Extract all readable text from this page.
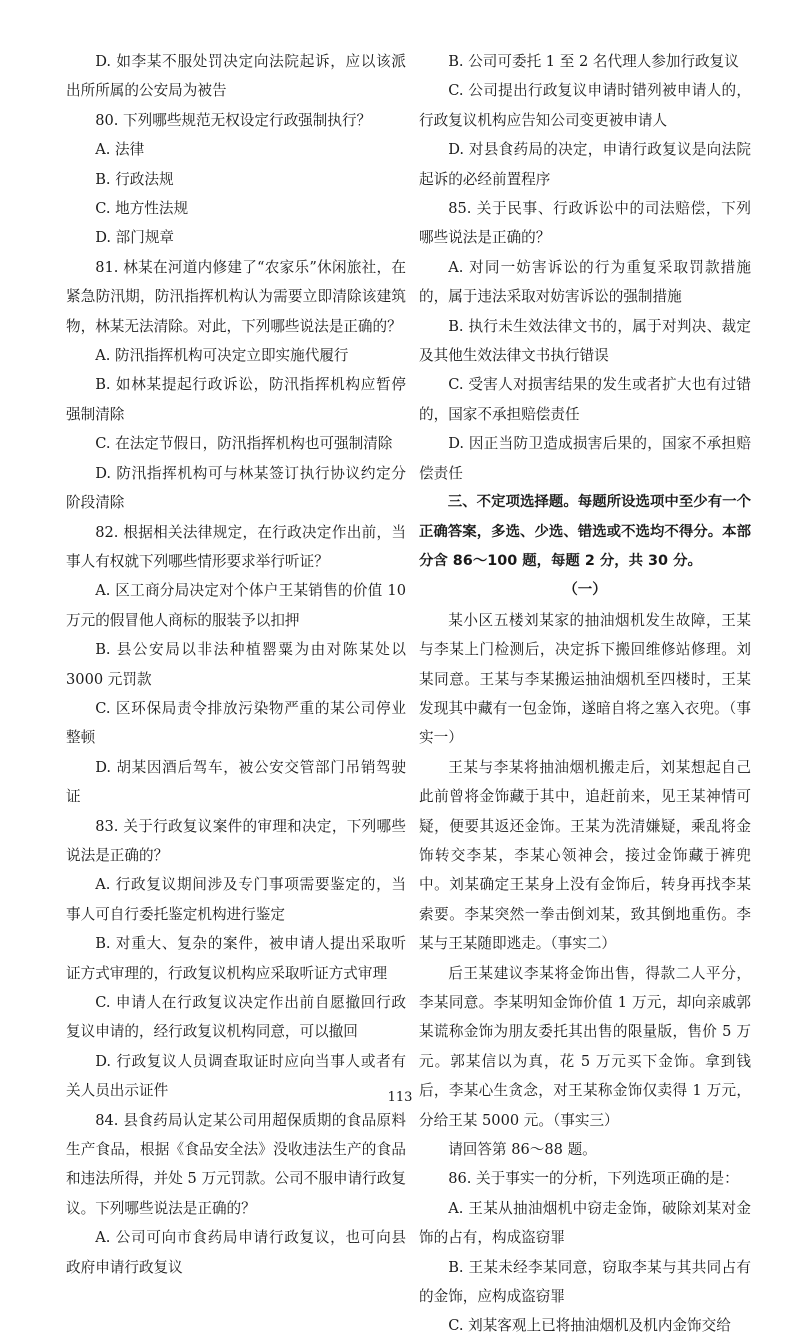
D. 如李某不服处罚决定向法院起诉，应以该派出所所属的公安局为被告

80. 下列哪些规范无权设定行政强制执行？

A. 法律

B. 行政法规

C. 地方性法规

D. 部门规章

81. 林某在河道内修建了“农家乐”休闲旅社，在紧急防汛期，防汛指挥机构认为需要立即清除该建筑物，林某无法清除。对此，下列哪些说法是正确的？

A. 防汛指挥机构可决定立即实施代履行

B. 如林某提起行政诉讼，防汛指挥机构应暂停强制清除

C. 在法定节假日，防汛指挥机构也可强制清除

D. 防汛指挥机构可与林某签订执行协议约定分阶段清除

82. 根据相关法律规定，在行政决定作出前，当事人有权就下列哪些情形要求举行听证？

A. 区工商分局决定对个体户王某销售的价值 10 万元的假冒他人商标的服装予以扣押

B. 县公安局以非法种植罂粟为由对陈某处以 3000 元罚款

C. 区环保局责令排放污染物严重的某公司停业整顿

D. 胡某因酒后驾车，被公安交管部门吊销驾驶证

83. 关于行政复议案件的审理和决定，下列哪些说法是正确的？

A. 行政复议期间涉及专门事项需要鉴定的，当事人可自行委托鉴定机构进行鉴定

B. 对重大、复杂的案件，被申请人提出采取听证方式审理的，行政复议机构应采取听证方式审理

C. 申请人在行政复议决定作出前自愿撤回行政复议申请的，经行政复议机构同意，可以撤回

D. 行政复议人员调查取证时应向当事人或者有关人员出示证件

84. 县食药局认定某公司用超保质期的食品原料生产食品，根据《食品安全法》没收违法生产的食品和违法所得，并处 5 万元罚款。公司不服申请行政复议。下列哪些说法是正确的？

A. 公司可向市食药局申请行政复议，也可向县政府申请行政复议

B. 公司可委托 1 至 2 名代理人参加行政复议

C. 公司提出行政复议申请时错列被申请人的，行政复议机构应告知公司变更被申请人

D. 对县食药局的决定，申请行政复议是向法院起诉的必经前置程序

85. 关于民事、行政诉讼中的司法赔偿，下列哪些说法是正确的？

A. 对同一妨害诉讼的行为重复采取罚款措施的，属于违法采取对妨害诉讼的强制措施

B. 执行未生效法律文书的，属于对判决、裁定及其他生效法律文书执行错误

C. 受害人对损害结果的发生或者扩大也有过错的，国家不承担赔偿责任

D. 因正当防卫造成损害后果的，国家不承担赔偿责任

三、不定项选择题。每题所设选项中至少有一个正确答案，多选、少选、错选或不选均不得分。本部分含 86～100 题，每题 2 分，共 30 分。

（一）

某小区五楼刘某家的抽油烟机发生故障，王某与李某上门检测后，决定拆下搬回维修站修理。刘某同意。王某与李某搬运抽油烟机至四楼时，王某发现其中藏有一包金饰，遂暗自将之塞入衣兜。（事实一）

王某与李某将抽油烟机搬走后，刘某想起自己此前曾将金饰藏于其中，追赶前来，见王某神情可疑，便要其返还金饰。王某为洗清嫌疑，乘乱将金饰转交李某，李某心领神会，接过金饰藏于裤兜中。刘某确定王某身上没有金饰后，转身再找李某索要。李某突然一拳击倒刘某，致其倒地重伤。李某与王某随即逃走。（事实二）

后王某建议李某将金饰出售，得款二人平分，李某同意。李某明知金饰价值 1 万元，却向亲戚郭某谎称金饰为朋友委托其出售的限量版，售价 5 万元。郭某信以为真，花 5 万元买下金饰。拿到钱后，李某心生贪念，对王某称金饰仅卖得 1 万元，分给王某 5000 元。（事实三）

请回答第 86～88 题。

86. 关于事实一的分析，下列选项正确的是：

A. 王某从抽油烟机中窃走金饰，破除刘某对金饰的占有，构成盗窃罪

B. 王某未经李某同意，窃取李某与其共同占有的金饰，应构成盗窃罪

C. 刘某客观上已将抽油烟机及机内金饰交给

113
